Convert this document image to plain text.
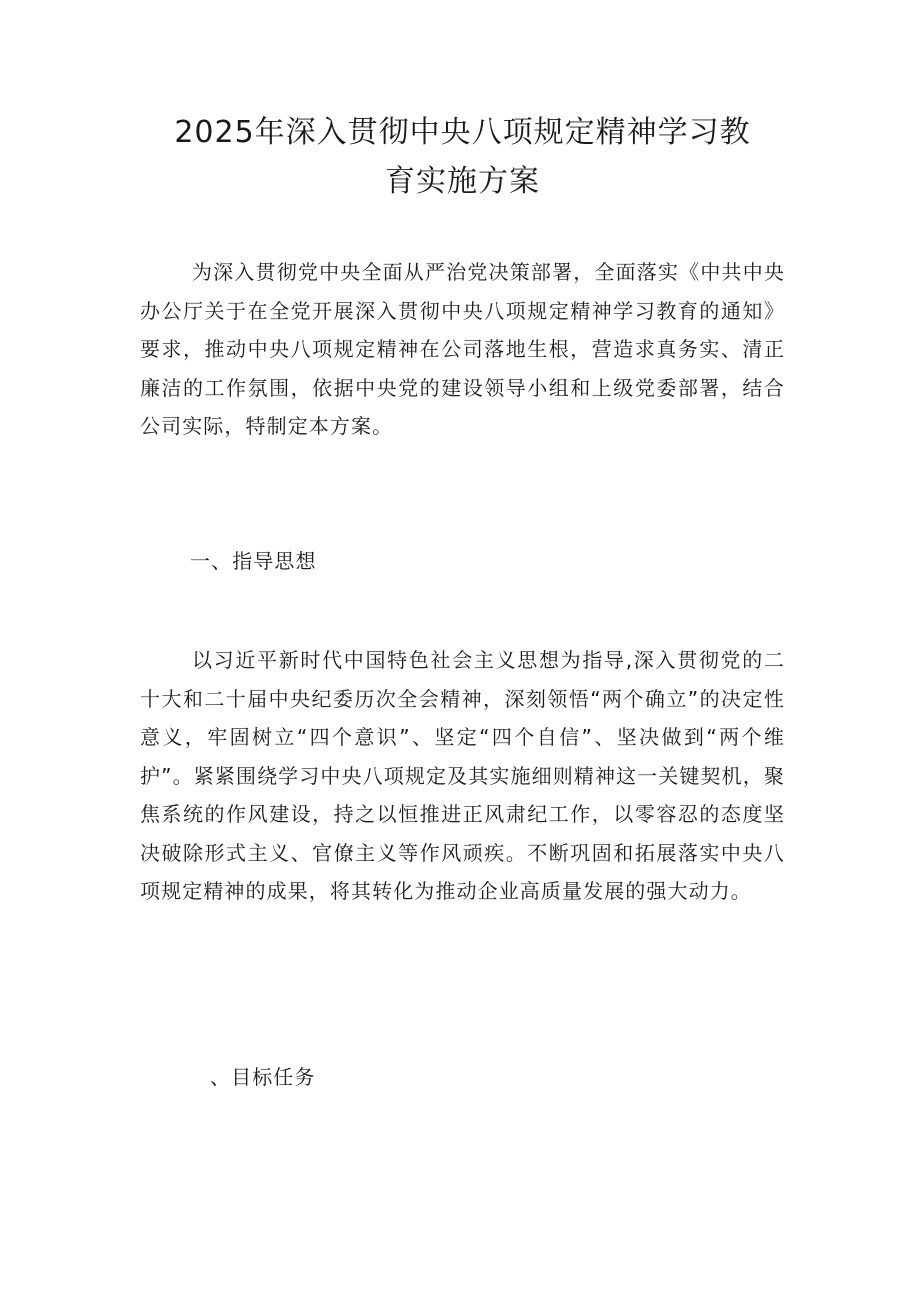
2025年深入贯彻中央八项规定精神学习教
育实施方案

为深入贯彻党中央全面从严治党决策部署，全面落实《中共中央办公厅关于在全党开展深入贯彻中央八项规定精神学习教育的通知》要求，推动中央八项规定精神在公司落地生根，营造求真务实、清正廉洁的工作氛围，依据中央党的建设领导小组和上级党委部署，结合公司实际，特制定本方案。

一、指导思想

以习近平新时代中国特色社会主义思想为指导,深入贯彻党的二十大和二十届中央纪委历次全会精神，深刻领悟“两个确立”的决定性意义，牢固树立“四个意识”、坚定“四个自信”、坚决做到“两个维护”。紧紧围绕学习中央八项规定及其实施细则精神这一关键契机，聚焦系统的作风建设，持之以恒推进正风肃纪工作，以零容忍的态度坚决破除形式主义、官僚主义等作风顽疾。不断巩固和拓展落实中央八项规定精神的成果，将其转化为推动企业高质量发展的强大动力。

、目标任务
